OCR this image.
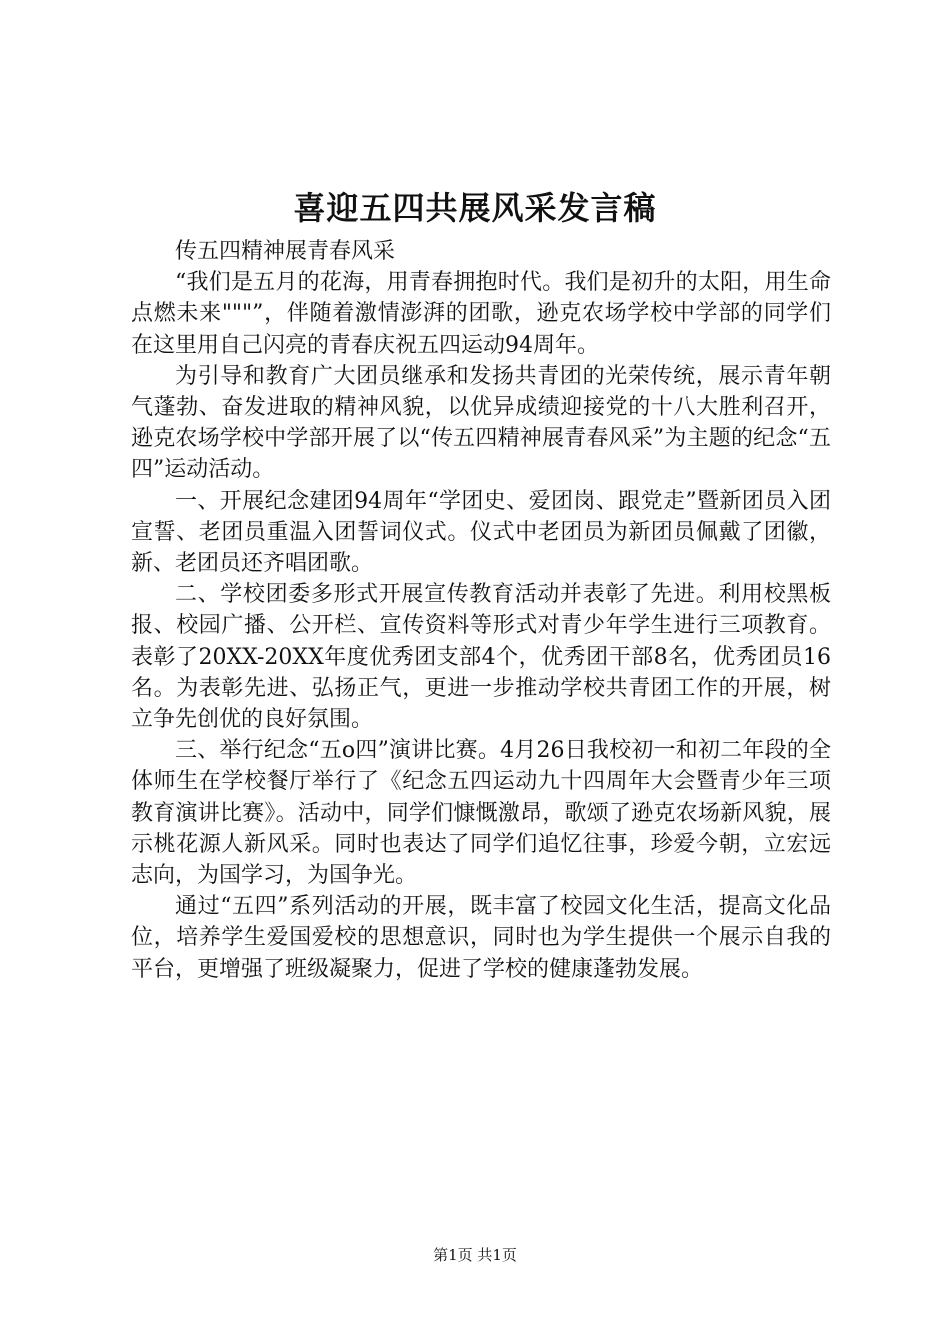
喜迎五四共展风采发言稿

传五四精神展青春风采

“我们是五月的花海，用青春拥抱时代。我们是初升的太阳，用生命点燃未来"""”，伴随着激情澎湃的团歌，逊克农场学校中学部的同学们在这里用自己闪亮的青春庆祝五四运动94周年。

为引导和教育广大团员继承和发扬共青团的光荣传统，展示青年朝气蓬勃、奋发进取的精神风貌，以优异成绩迎接党的十八大胜利召开，逊克农场学校中学部开展了以“传五四精神展青春风采”为主题的纪念“五四”运动活动。

一、开展纪念建团94周年“学团史、爱团岗、跟党走”暨新团员入团宣誓、老团员重温入团誓词仪式。仪式中老团员为新团员佩戴了团徽，新、老团员还齐唱团歌。

二、学校团委多形式开展宣传教育活动并表彰了先进。利用校黑板报、校园广播、公开栏、宣传资料等形式对青少年学生进行三项教育。表彰了20XX-20XX年度优秀团支部4个，优秀团干部8名，优秀团员16名。为表彰先进、弘扬正气，更进一步推动学校共青团工作的开展，树立争先创优的良好氛围。

三、举行纪念“五o四”演讲比赛。4月26日我校初一和初二年段的全体师生在学校餐厅举行了《纪念五四运动九十四周年大会暨青少年三项教育演讲比赛》。活动中，同学们慷慨激昂，歌颂了逊克农场新风貌，展示桃花源人新风采。同时也表达了同学们追忆往事，珍爱今朝，立宏远志向，为国学习，为国争光。

通过“五四”系列活动的开展，既丰富了校园文化生活，提高文化品位，培养学生爱国爱校的思想意识，同时也为学生提供一个展示自我的平台，更增强了班级凝聚力，促进了学校的健康蓬勃发展。

第1页 共1页
